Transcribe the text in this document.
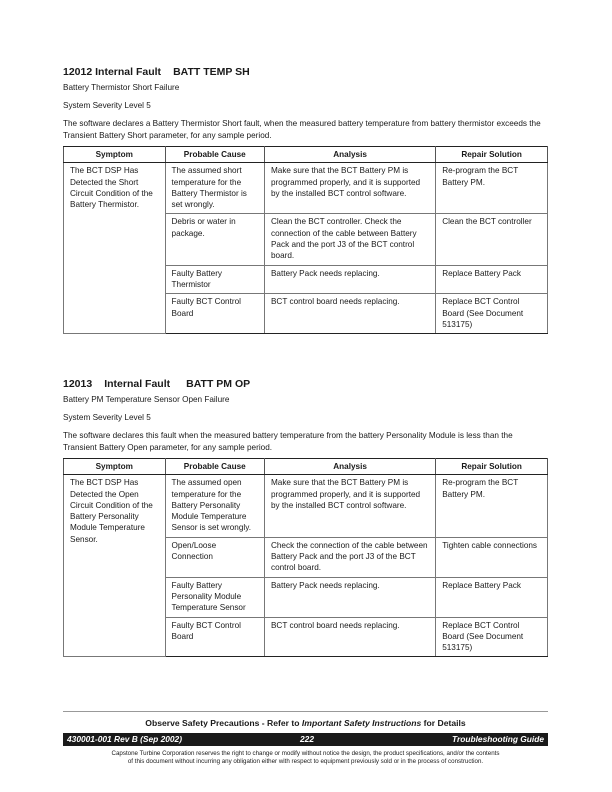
12012 Internal Fault BATT TEMP SH

Battery Thermistor Short Failure

System Severity Level 5

The software declares a Battery Thermistor Short fault, when the measured battery temperature from battery thermistor exceeds the Transient Battery Short parameter, for any sample period.

Symptom	Probable Cause	Analysis	Repair Solution
The BCT DSP Has Detected the Short Circuit Condition of the Battery Thermistor.	The assumed short temperature for the Battery Thermistor is set wrongly.	Make sure that the BCT Battery PM is programmed properly, and it is supported by the installed BCT control software.	Re-program the BCT Battery PM.
	Debris or water in package.	Clean the BCT controller. Check the connection of the cable between Battery Pack and the port J3 of the BCT control board.	Clean the BCT controller
	Faulty Battery Thermistor	Battery Pack needs replacing.	Replace Battery Pack
	Faulty BCT Control Board	BCT control board needs replacing.	Replace BCT Control Board (See Document 513175)
12013 Internal Fault BATT PM OP

Battery PM Temperature Sensor Open Failure

System Severity Level 5

The software declares this fault when the measured battery temperature from the battery Personality Module is less than the Transient Battery Open parameter, for any sample period.

Symptom	Probable Cause	Analysis	Repair Solution
The BCT DSP Has Detected the Open Circuit Condition of the Battery Personality Module Temperature Sensor.	The assumed open temperature for the Battery Personality Module Temperature Sensor is set wrongly.	Make sure that the BCT Battery PM is programmed properly, and it is supported by the installed BCT control software.	Re-program the BCT Battery PM.
	Open/Loose Connection	Check the connection of the cable between Battery Pack and the port J3 of the BCT control board.	Tighten cable connections
	Faulty Battery Personality Module Temperature Sensor	Battery Pack needs replacing.	Replace Battery Pack
	Faulty BCT Control Board	BCT control board needs replacing.	Replace BCT Control Board (See Document 513175)

Observe Safety Precautions - Refer to Important Safety Instructions for Details

430001-001 Rev B (Sep 2002)	222	Troubleshooting Guide
Capstone Turbine Corporation reserves the right to change or modify without notice the design, the product specifications, and/or the contents
of this document without incurring any obligation either with respect to equipment previously sold or in the process of construction.
